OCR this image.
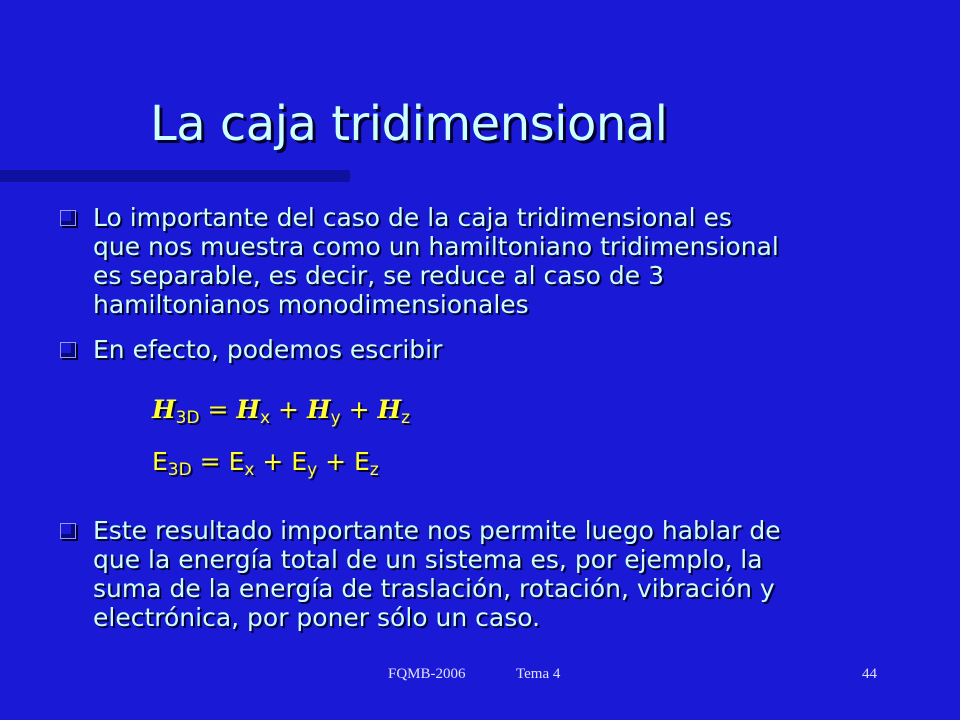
La caja tridimensional
Lo importante del caso de la caja tridimensional es
que nos muestra como un hamiltoniano tridimensional
es separable, es decir, se reduce al caso de 3
hamiltonianos monodimensionales
En efecto, podemos escribir
$H_{3D} = H_x + H_y + H_z$
$E_{3D} = E_x + E_y + E_z$
Este resultado importante nos permite luego hablar de
que la energía total de un sistema es, por ejemplo, la
suma de la energía de traslación, rotación, vibración y
electrónica, por poner sólo un caso.
FQMB-2006	Tema 4	44
